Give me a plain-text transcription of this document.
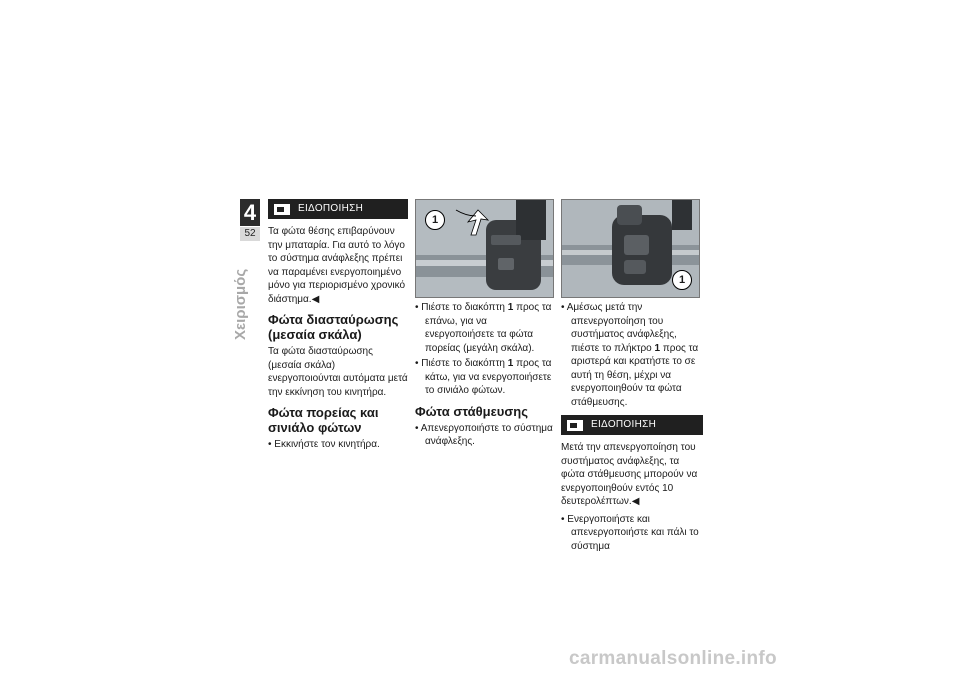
4
52
Χειρισμός
ΕΙΔΟΠΟΙΗΣΗ

Τα φώτα θέσης επιβαρύνουν την μπαταρία. Για αυτό το λόγο το σύστημα ανάφλεξης πρέπει να παραμένει ενεργοποιημένο μόνο για περιορισμένο χρονικό διάστημα.◀

Φώτα διασταύρωσης (μεσαία σκάλα)

Τα φώτα διασταύρωσης (μεσαία σκάλα) ενεργοποιούνται αυτόματα μετά την εκκίνηση του κινητήρα.

Φώτα πορείας και σινιάλο φώτων

• Εκκινήστε τον κινητήρα.

1

• Πιέστε το διακόπτη 1 προς τα επάνω, για να ενεργοποιήσετε τα φώτα πορείας (μεγάλη σκάλα).

• Πιέστε το διακόπτη 1 προς τα κάτω, για να ενεργοποιήσετε το σινιάλο φώτων.

Φώτα στάθμευσης

• Απενεργοποιήστε το σύστημα ανάφλεξης.

1

• Αμέσως μετά την απενεργοποίηση του συστήματος ανάφλεξης, πιέστε το πλήκτρο 1 προς τα αριστερά και κρατήστε το σε αυτή τη θέση, μέχρι να ενεργοποιηθούν τα φώτα στάθμευσης.

ΕΙΔΟΠΟΙΗΣΗ

Μετά την απενεργοποίηση του συστήματος ανάφλεξης, τα φώτα στάθμευσης μπορούν να ενεργοποιηθούν εντός 10 δευτερολέπτων.◀

• Ενεργοποιήστε και απενεργοποιήστε και πάλι το σύστημα

carmanualsonline.info
